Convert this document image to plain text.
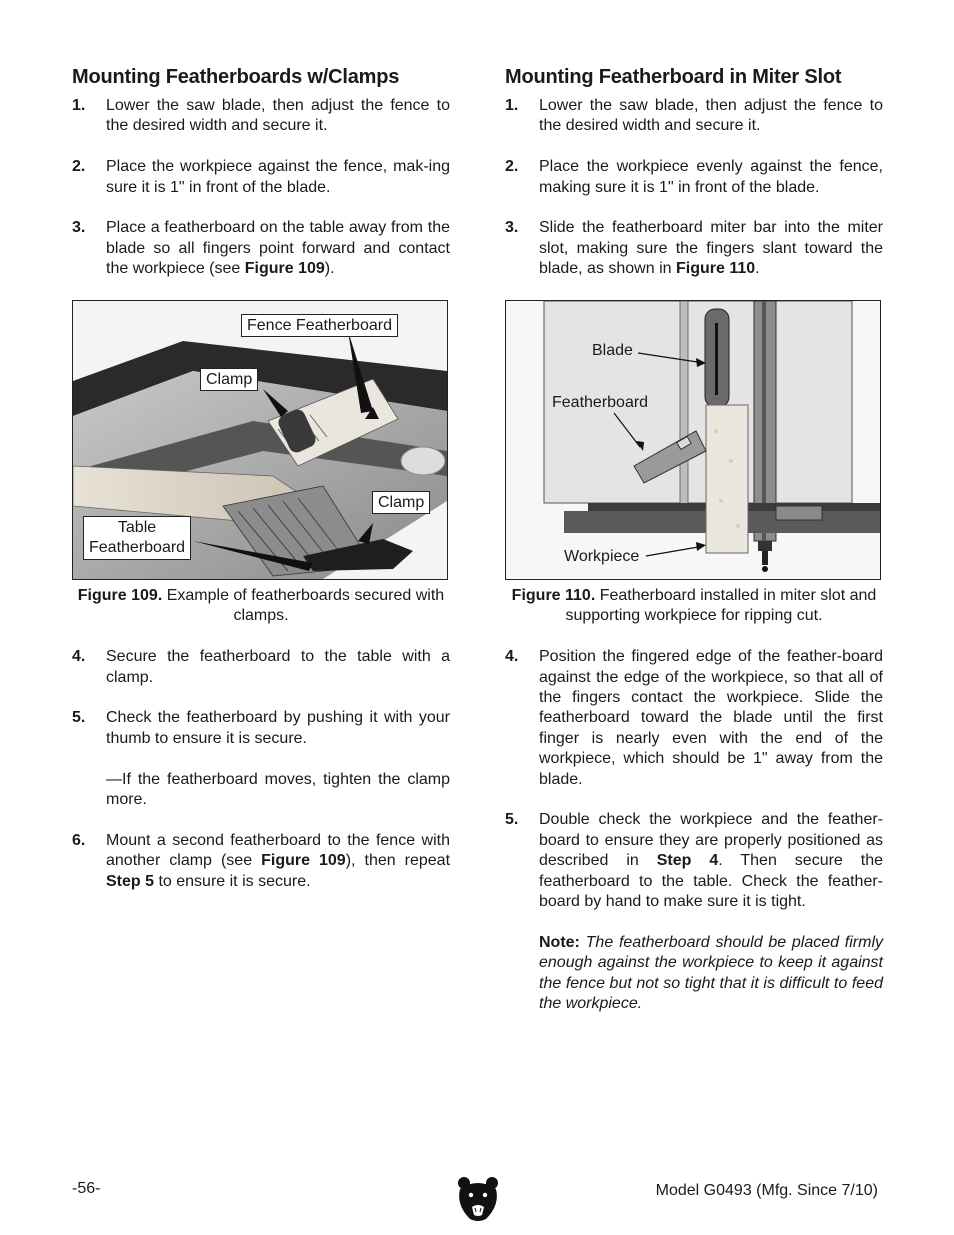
Mounting Featherboards w/Clamps
1.	Lower the saw blade, then adjust the fence to the desired width and secure it.
2.	Place the workpiece against the fence, mak-ing sure it is 1" in front of the blade.
3.	Place a featherboard on the table away from the blade so all fingers point forward and contact the workpiece (see Figure 109).
Fence Featherboard
Clamp
Clamp
Table
Featherboard
Figure 109. Example of featherboards secured with clamps.
4.	Secure the featherboard to the table with a clamp.
5.	Check the featherboard by pushing it with your thumb to ensure it is secure.
—If the featherboard moves, tighten the clamp more.
6.	Mount a second featherboard to the fence with another clamp (see Figure 109), then repeat Step 5 to ensure it is secure.
Mounting Featherboard in Miter Slot
1.	Lower the saw blade, then adjust the fence to the desired width and secure it.
2.	Place the workpiece evenly against the fence, making sure it is 1" in front of the blade.
3.	Slide the featherboard miter bar into the miter slot, making sure the fingers slant toward the blade, as shown in Figure 110.
Blade
Featherboard
Workpiece
Figure 110. Featherboard installed in miter slot and supporting workpiece for ripping cut.
4.	Position the fingered edge of the feather-board against the edge of the workpiece, so that all of the fingers contact the workpiece. Slide the featherboard toward the blade until the first finger is nearly even with the end of the workpiece, which should be 1" away from the blade.
5.	Double check the workpiece and the feather-board to ensure they are properly positioned as described in Step 4. Then secure the featherboard to the table. Check the feather-board by hand to make sure it is tight.
Note: The featherboard should be placed firmly enough against the workpiece to keep it against the fence but not so tight that it is difficult to feed the workpiece.
-56-	Model G0493 (Mfg. Since 7/10)
